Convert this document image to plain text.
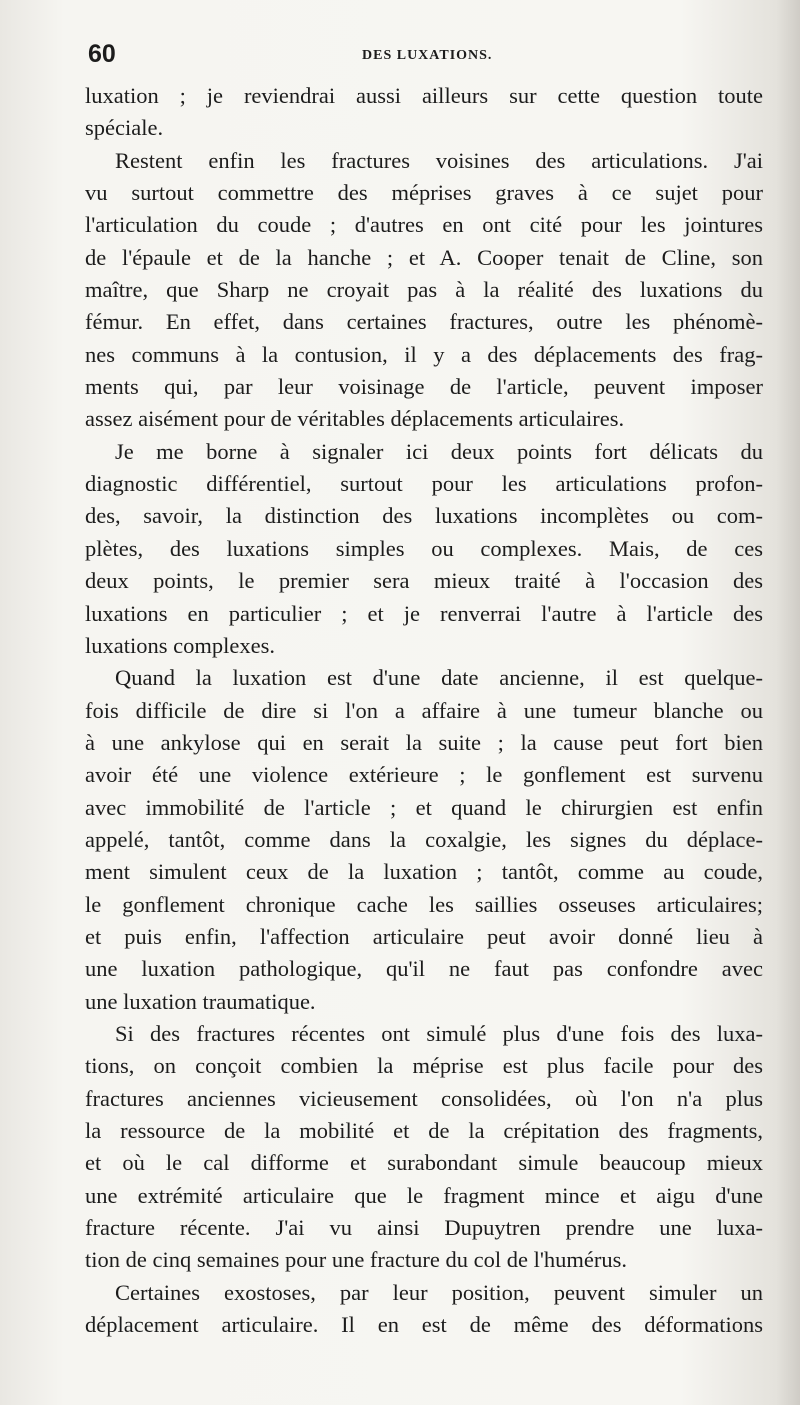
60	DES LUXATIONS.
luxation ; je reviendrai aussi ailleurs sur cette question toute
spéciale.
Restent enfin les fractures voisines des articulations. J'ai
vu surtout commettre des méprises graves à ce sujet pour
l'articulation du coude ; d'autres en ont cité pour les jointures
de l'épaule et de la hanche ; et A. Cooper tenait de Cline, son
maître, que Sharp ne croyait pas à la réalité des luxations du
fémur. En effet, dans certaines fractures, outre les phénomè-
nes communs à la contusion, il y a des déplacements des frag-
ments qui, par leur voisinage de l'article, peuvent imposer
assez aisément pour de véritables déplacements articulaires.
Je me borne à signaler ici deux points fort délicats du
diagnostic différentiel, surtout pour les articulations profon-
des, savoir, la distinction des luxations incomplètes ou com-
plètes, des luxations simples ou complexes. Mais, de ces
deux points, le premier sera mieux traité à l'occasion des
luxations en particulier ; et je renverrai l'autre à l'article des
luxations complexes.
Quand la luxation est d'une date ancienne, il est quelque-
fois difficile de dire si l'on a affaire à une tumeur blanche ou
à une ankylose qui en serait la suite ; la cause peut fort bien
avoir été une violence extérieure ; le gonflement est survenu
avec immobilité de l'article ; et quand le chirurgien est enfin
appelé, tantôt, comme dans la coxalgie, les signes du déplace-
ment simulent ceux de la luxation ; tantôt, comme au coude,
le gonflement chronique cache les saillies osseuses articulaires;
et puis enfin, l'affection articulaire peut avoir donné lieu à
une luxation pathologique, qu'il ne faut pas confondre avec
une luxation traumatique.
Si des fractures récentes ont simulé plus d'une fois des luxa-
tions, on conçoit combien la méprise est plus facile pour des
fractures anciennes vicieusement consolidées, où l'on n'a plus
la ressource de la mobilité et de la crépitation des fragments,
et où le cal difforme et surabondant simule beaucoup mieux
une extrémité articulaire que le fragment mince et aigu d'une
fracture récente. J'ai vu ainsi Dupuytren prendre une luxa-
tion de cinq semaines pour une fracture du col de l'humérus.
Certaines exostoses, par leur position, peuvent simuler un
déplacement articulaire. Il en est de même des déformations
